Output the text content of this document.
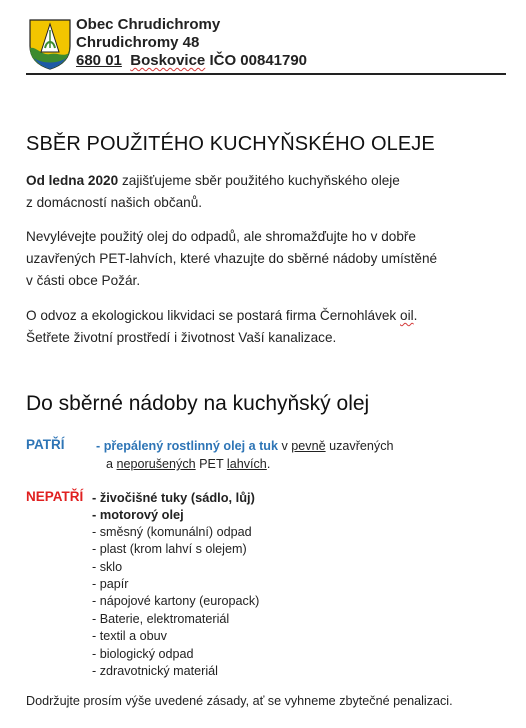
Obec Chrudichromy
Chrudichromy 48
680 01 Boskovice IČO 00841790
SBĚR POUŽITÉHO KUCHYŇSKÉHO OLEJE
Od ledna 2020 zajišťujeme sběr použitého kuchyňského oleje
z domácností našich občanů.
Nevylévejte použitý olej do odpadů, ale shromažďujte ho v dobře
uzavřených PET-lahvích, které vhazujte do sběrné nádoby umístěné
v části obce Požár.
O odvoz a ekologickou likvidaci se postará firma Černohlávek oil.
Šetřete životní prostředí i životnost Vaší kanalizace.
Do sběrné nádoby na kuchyňský olej
PATŘÍ	- přepálený rostlinný olej a tuk v pevně uzavřených
a neporušených PET lahvích.
NEPATŘÍ - živočišné tuky (sádlo, lůj)
- motorový olej
- směsný (komunální) odpad
- plast (krom lahví s olejem)
- sklo
- papír
- nápojové kartony (europack)
- Baterie, elektromateriál
- textil a obuv
- biologický odpad
- zdravotnický materiál
Dodržujte prosím výše uvedené zásady, ať se vyhneme zbytečné penalizaci.
